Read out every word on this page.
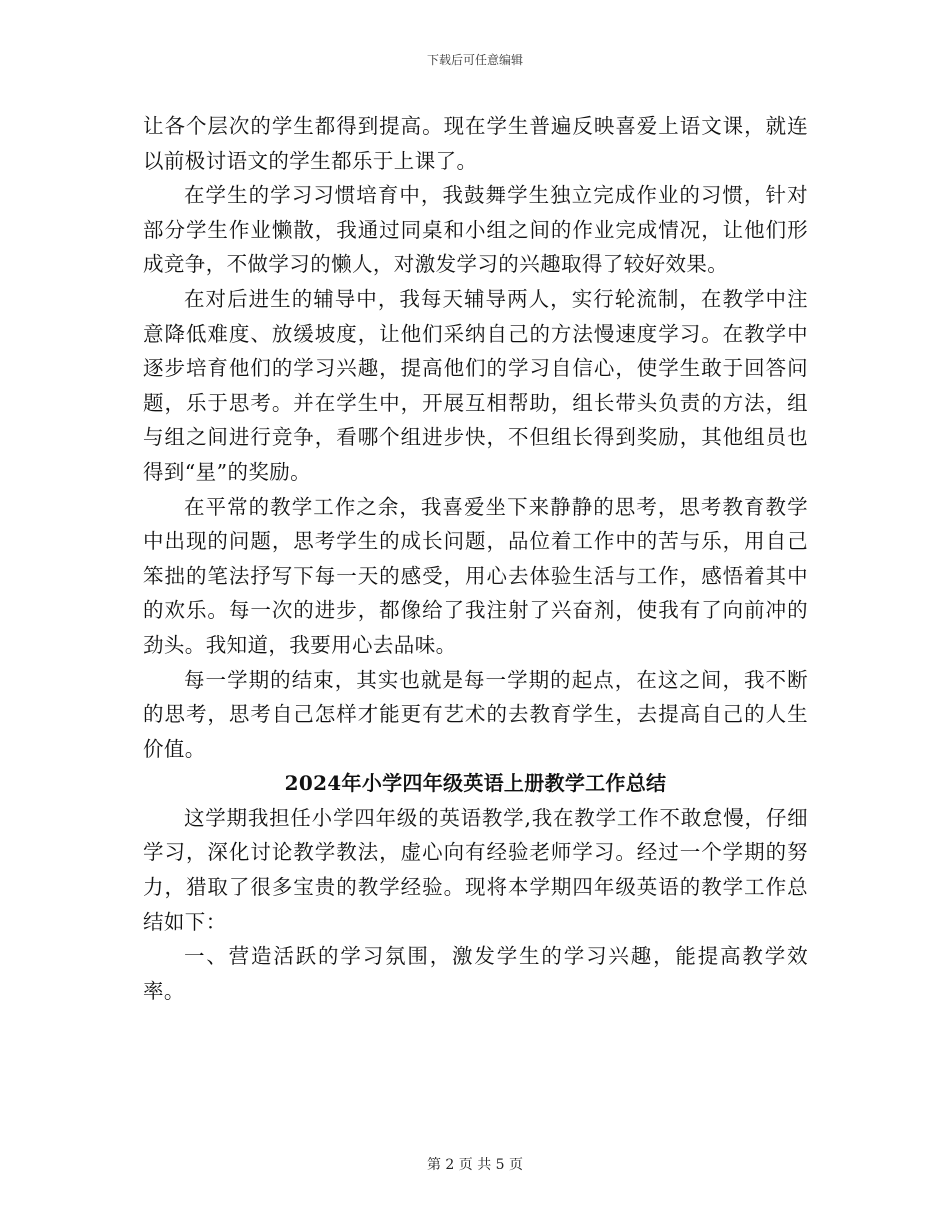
下载后可任意编辑

让各个层次的学生都得到提高。现在学生普遍反映喜爱上语文课，就连以前极讨语文的学生都乐于上课了。

在学生的学习习惯培育中，我鼓舞学生独立完成作业的习惯，针对部分学生作业懒散，我通过同桌和小组之间的作业完成情况，让他们形成竞争，不做学习的懒人，对激发学习的兴趣取得了较好效果。

在对后进生的辅导中，我每天辅导两人，实行轮流制，在教学中注意降低难度、放缓坡度，让他们采纳自己的方法慢速度学习。在教学中逐步培育他们的学习兴趣，提高他们的学习自信心，使学生敢于回答问题，乐于思考。并在学生中，开展互相帮助，组长带头负责的方法，组与组之间进行竞争，看哪个组进步快，不但组长得到奖励，其他组员也得到“星”的奖励。

在平常的教学工作之余，我喜爱坐下来静静的思考，思考教育教学中出现的问题，思考学生的成长问题，品位着工作中的苦与乐，用自己笨拙的笔法抒写下每一天的感受，用心去体验生活与工作，感悟着其中的欢乐。每一次的进步，都像给了我注射了兴奋剂，使我有了向前冲的劲头。我知道，我要用心去品味。

每一学期的结束，其实也就是每一学期的起点，在这之间，我不断的思考，思考自己怎样才能更有艺术的去教育学生，去提高自己的人生价值。

2024年小学四年级英语上册教学工作总结

这学期我担任小学四年级的英语教学,我在教学工作不敢怠慢，仔细学习，深化讨论教学教法，虚心向有经验老师学习。经过一个学期的努力，猎取了很多宝贵的教学经验。现将本学期四年级英语的教学工作总结如下：

一、营造活跃的学习氛围，激发学生的学习兴趣，能提高教学效率。

第 2 页 共 5 页
